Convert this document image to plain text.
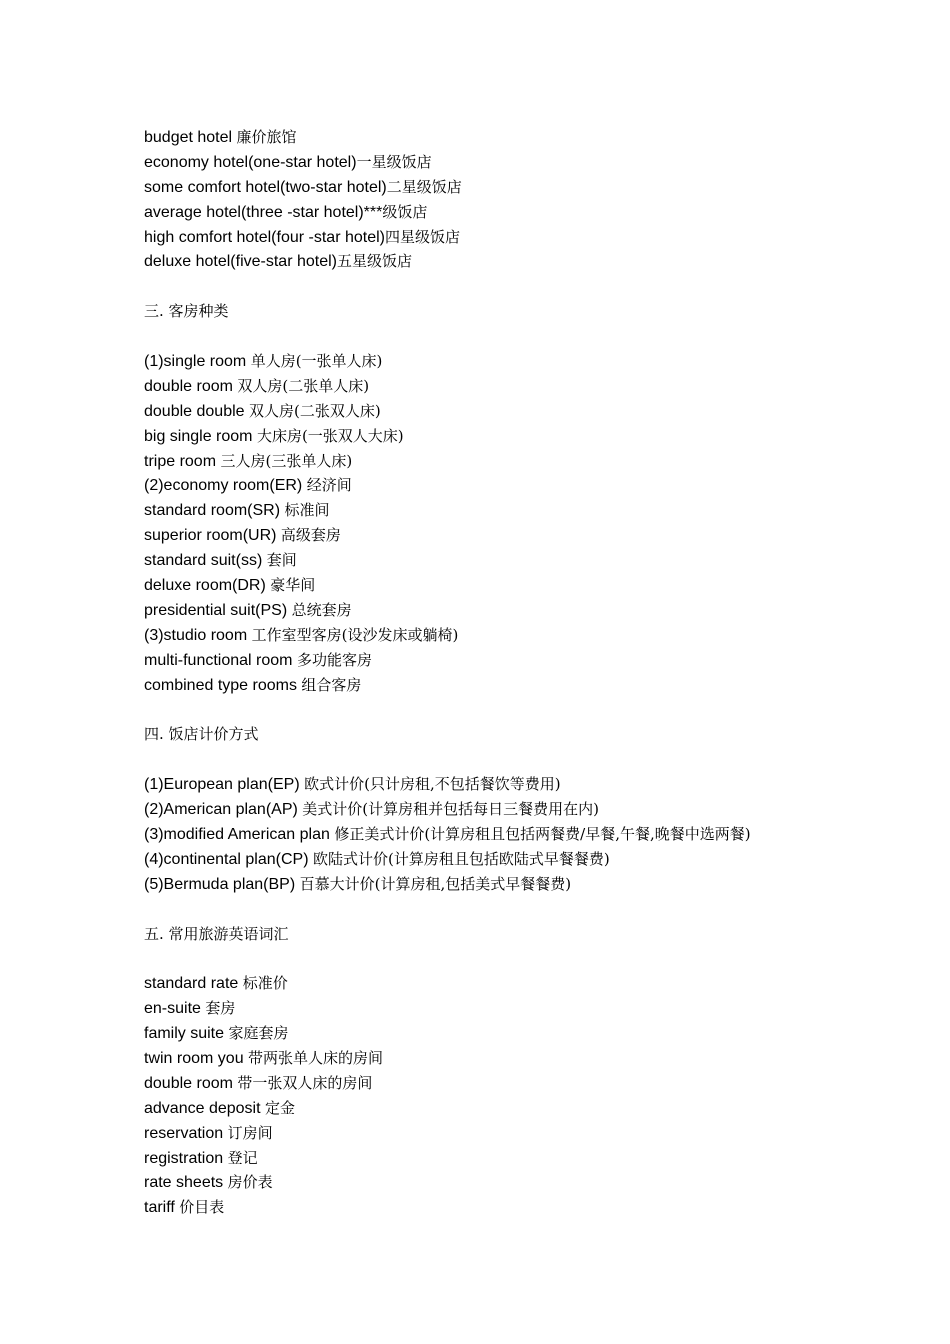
budget hotel 廉价旅馆
economy hotel(one-star hotel)一星级饭店
some comfort hotel(two-star hotel)二星级饭店
average hotel(three -star hotel)***级饭店
high comfort hotel(four -star hotel)四星级饭店
deluxe hotel(five-star hotel)五星级饭店
三. 客房种类
(1)single room 单人房(一张单人床)
double room 双人房(二张单人床)
double double 双人房(二张双人床)
big single room 大床房(一张双人大床)
tripe room 三人房(三张单人床)
(2)economy room(ER) 经济间
standard room(SR) 标准间
superior room(UR) 高级套房
standard suit(ss) 套间
deluxe room(DR) 豪华间
presidential suit(PS) 总统套房
(3)studio room 工作室型客房(设沙发床或躺椅)
multi-functional room 多功能客房
combined type rooms 组合客房
四. 饭店计价方式
(1)European plan(EP) 欧式计价(只计房租,不包括餐饮等费用)
(2)American plan(AP) 美式计价(计算房租并包括每日三餐费用在内)
(3)modified American plan 修正美式计价(计算房租且包括两餐费/早餐,午餐,晚餐中选两餐)
(4)continental plan(CP) 欧陆式计价(计算房租且包括欧陆式早餐餐费)
(5)Bermuda plan(BP) 百慕大计价(计算房租,包括美式早餐餐费)
五. 常用旅游英语词汇
standard rate 标准价
en-suite 套房
family suite 家庭套房
twin room you 带两张单人床的房间
double room 带一张双人床的房间
advance deposit 定金
reservation 订房间
registration 登记
rate sheets 房价表
tariff 价目表
